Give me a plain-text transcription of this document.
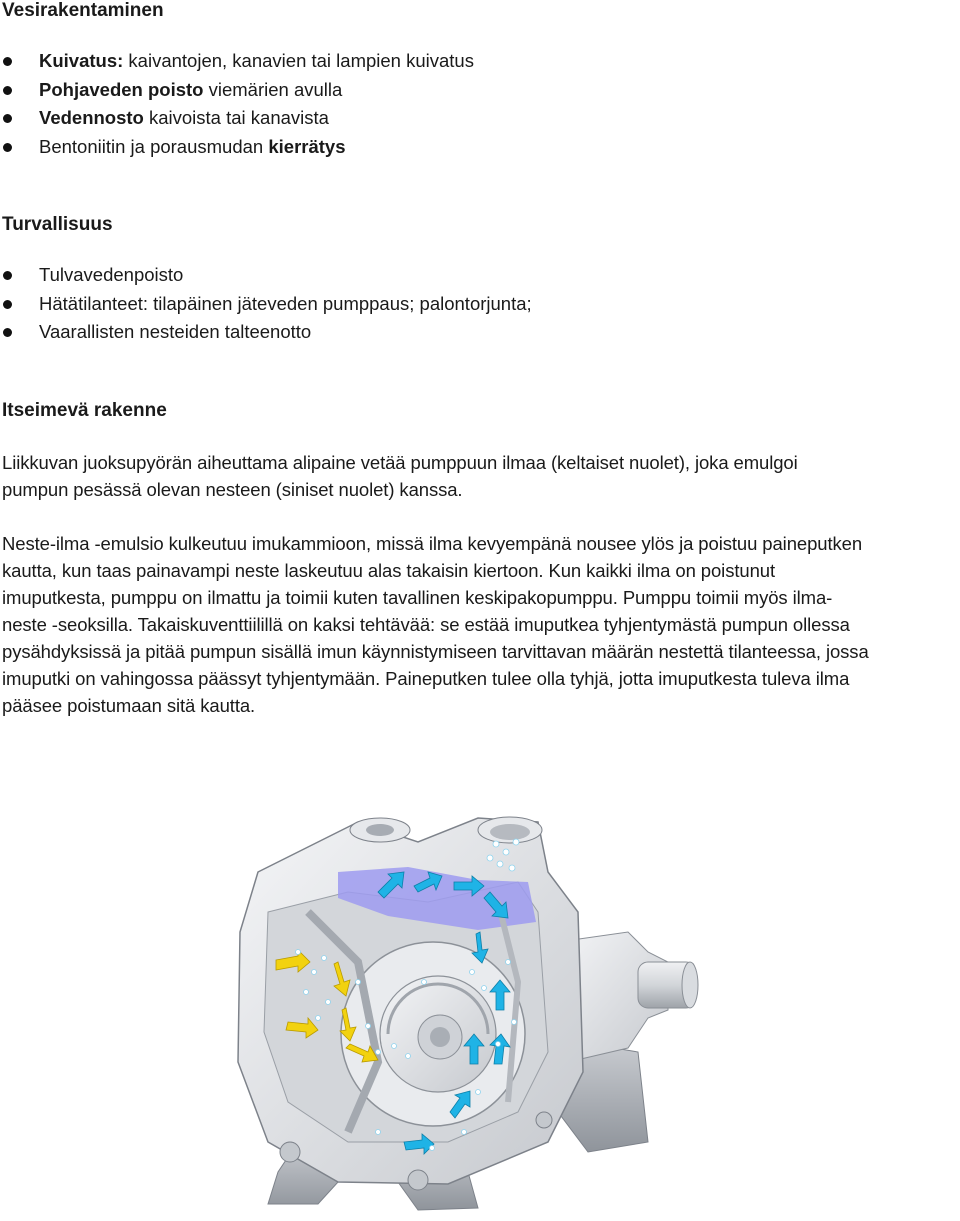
Vesirakentaminen
Kuivatus: kaivantojen, kanavien tai lampien kuivatus
Pohjaveden poisto viemärien avulla
Vedennosto kaivoista tai kanavista
Bentoniitin ja porausmudan kierrätys
Turvallisuus
Tulvavedenpoisto
Hätätilanteet: tilapäinen jäteveden pumppaus; palontorjunta;
Vaarallisten nesteiden talteenotto
Itseimevä rakenne
Liikkuvan juoksupyörän aiheuttama alipaine vetää pumppuun ilmaa (keltaiset nuolet), joka emulgoi
pumpun pesässä olevan nesteen (siniset nuolet) kanssa.
Neste-ilma -emulsio kulkeutuu imukammioon, missä ilma kevyempänä nousee ylös ja poistuu paineputken
kautta, kun taas painavampi neste laskeutuu alas takaisin kiertoon. Kun kaikki ilma on poistunut
imuputkesta, pumppu on ilmattu ja toimii kuten tavallinen keskipakopumppu. Pumppu toimii myös ilma-
neste -seoksilla. Takaiskuventtiilillä on kaksi tehtävää: se estää imuputkea tyhjentymästä pumpun ollessa
pysähdyksissä ja pitää pumpun sisällä imun käynnistymiseen tarvittavan määrän nestettä tilanteessa, jossa
imuputki on vahingossa päässyt tyhjentymään. Paineputken tulee olla tyhjä, jotta imuputkesta tuleva ilma
pääsee poistumaan sitä kautta.
